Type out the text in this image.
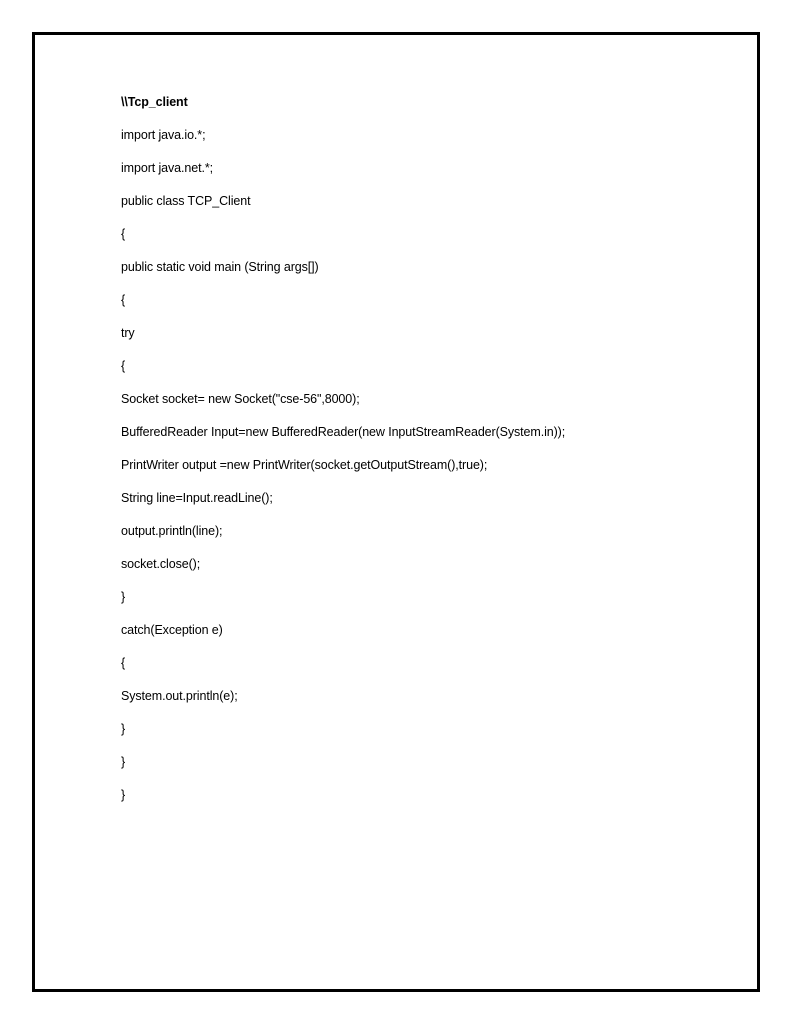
\\Tcp_client
import java.io.*;
import java.net.*;
public class TCP_Client
{
public static void main (String args[])
{
try
{
Socket socket= new Socket("cse-56",8000);
BufferedReader Input=new BufferedReader(new InputStreamReader(System.in));
PrintWriter output =new PrintWriter(socket.getOutputStream(),true);
String line=Input.readLine();
output.println(line);
socket.close();
}
catch(Exception e)
{
System.out.println(e);
}
}
}
